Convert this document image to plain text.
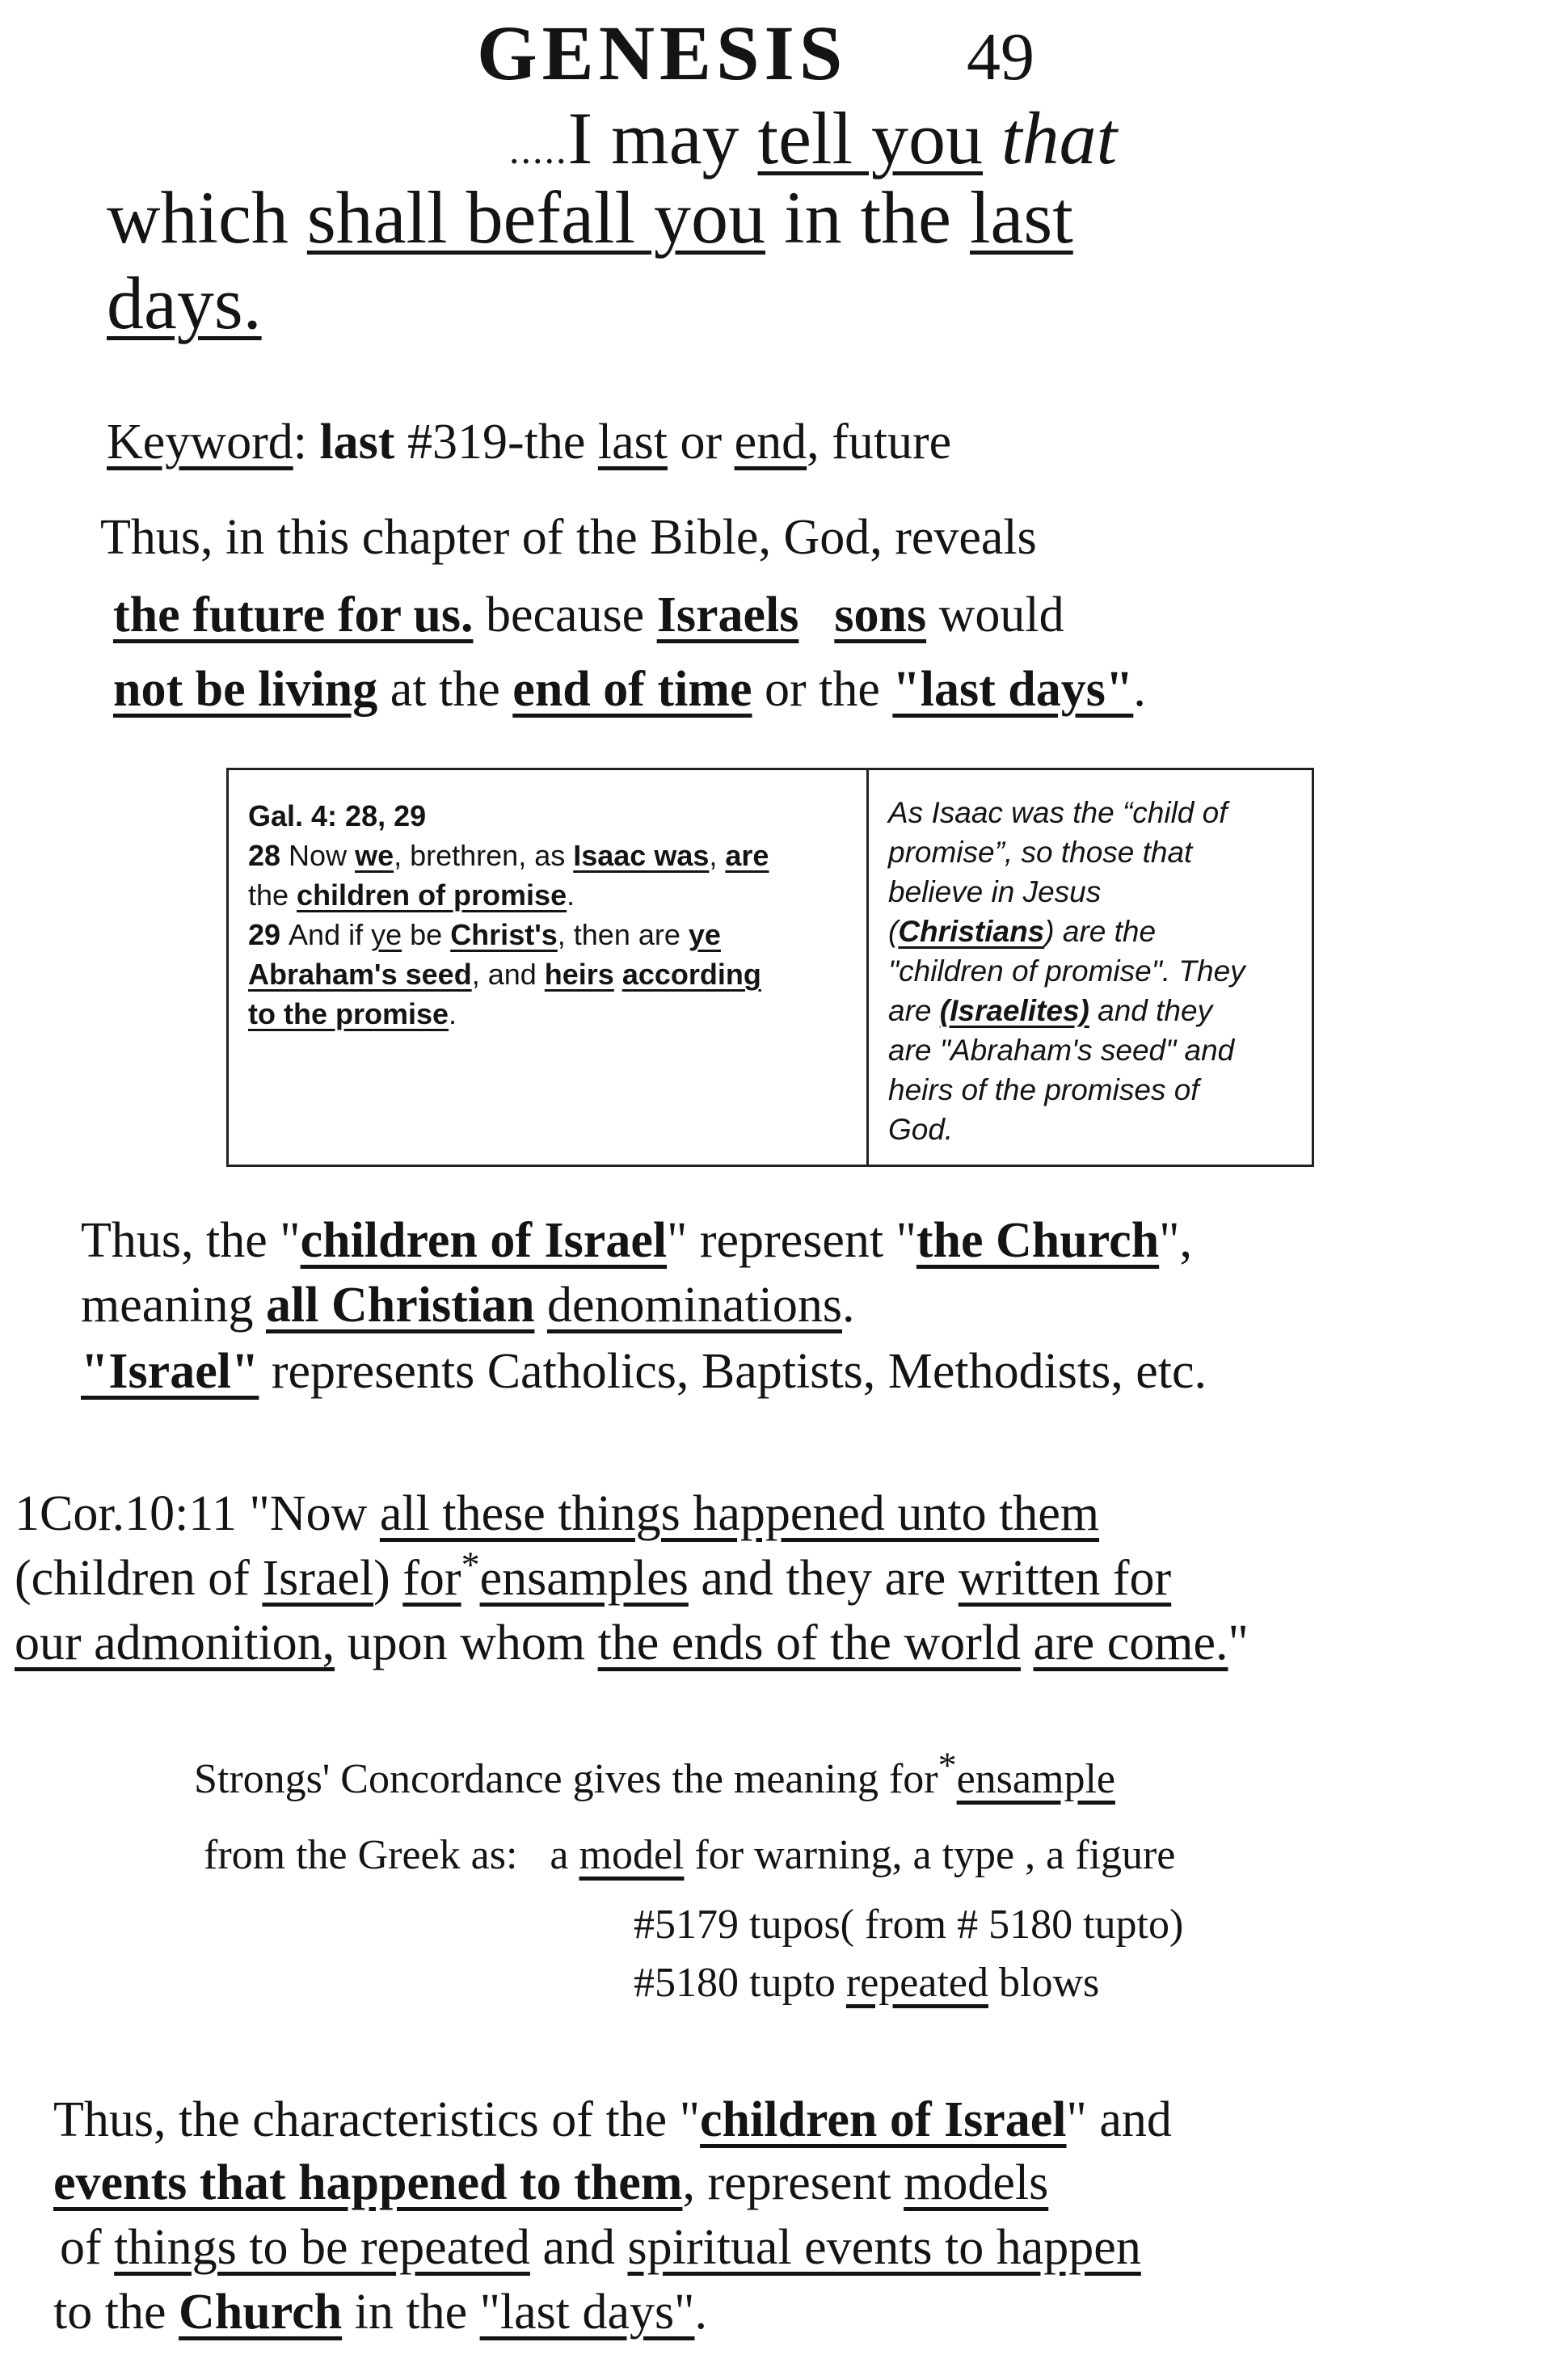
GENESIS 49
.....I may tell you that
which shall befall you in the last
days.
Keyword: last #319-the last or end, future
Thus, in this chapter of the Bible, God, reveals
the future for us. because Israels sons would
not be living at the end of time or the "last days".
Gal. 4: 28, 29
28 Now we, brethren, as Isaac was, are
the children of promise.
29 And if ye be Christ's, then are ye
Abraham's seed, and heirs according
to the promise.
As Isaac was the “child of
promise”, so those that
believe in Jesus
(Christians) are the
"children of promise". They
are (Israelites) and they
are "Abraham's seed" and
heirs of the promises of
God.
Thus, the "children of Israel" represent "the Church",
meaning all Christian denominations.
"Israel" represents Catholics, Baptists, Methodists, etc.
1Cor.10:11 "Now all these things happened unto them
(children of Israel) for*ensamples and they are written for
our admonition, upon whom the ends of the world are come."
Strongs' Concordance gives the meaning for*ensample
from the Greek as: a model for warning, a type , a figure
#5179 tupos( from # 5180 tupto)
#5180 tupto repeated blows
Thus, the characteristics of the "children of Israel" and
events that happened to them, represent models
of things to be repeated and spiritual events to happen
to the Church in the "last days".
